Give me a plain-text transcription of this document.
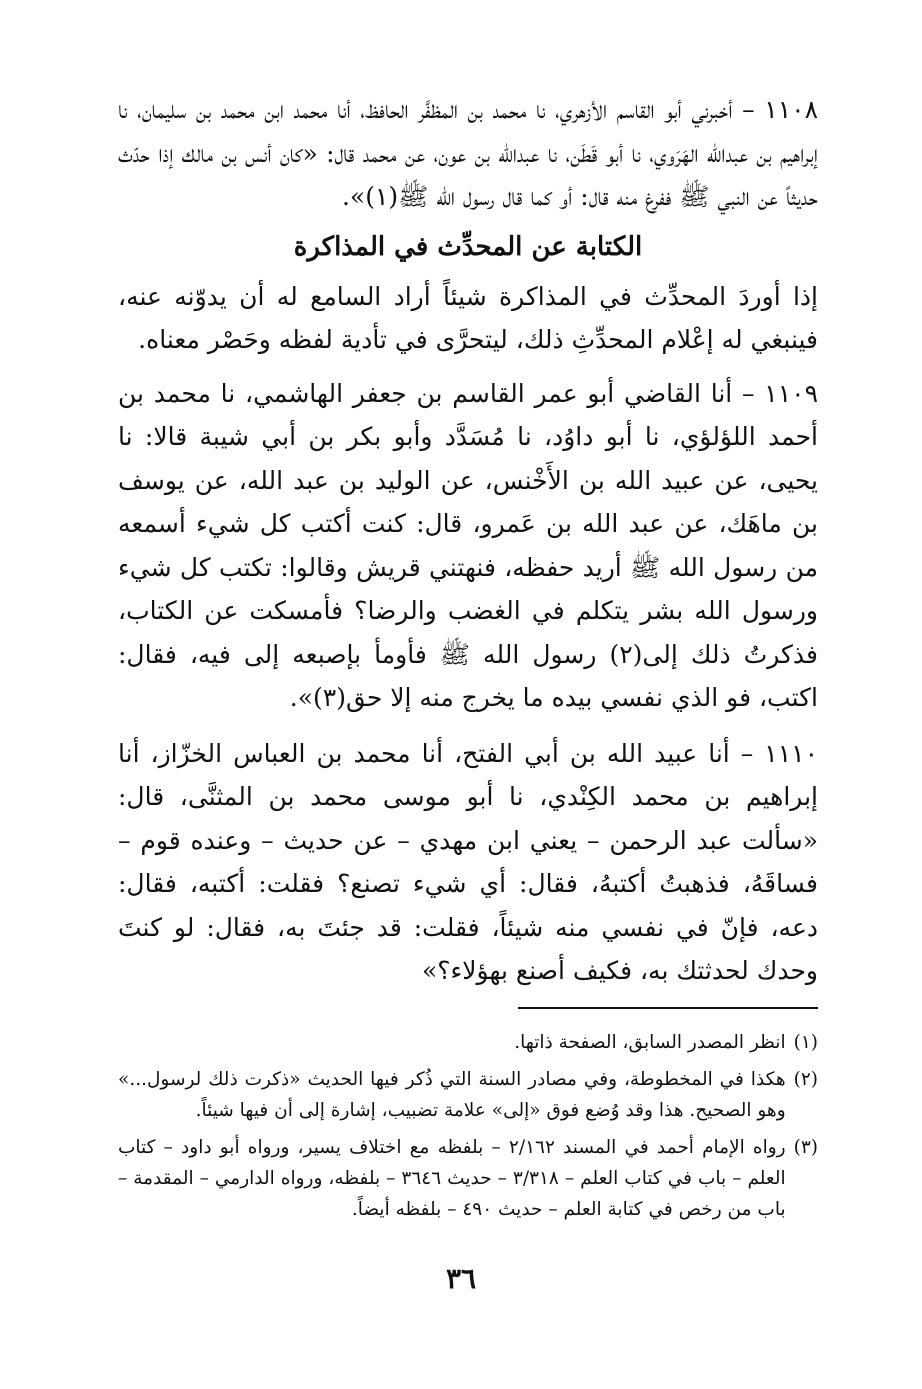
١١٠٨ – أخبرني أبو القاسم الأزهري، نا محمد بن المظفَّر الحافظ، أنا محمد ابن محمد بن سليمان، نا إبراهيم بن عبدالله الهَرَوي، نا أبو قَطَن، نا عبدالله بن عون، عن محمد قال: «كان أنس بن مالك إذا حدّث حديثاً عن النبي ﷺ ففرغ منه قال: أو كما قال رسول الله ﷺ(١)».

الكتابة عن المحدِّث في المذاكرة

إذا أوردَ المحدِّث في المذاكرة شيئاً أراد السامع له أن يدوّنه عنه، فينبغي له إعْلام المحدِّثِ ذلك، ليتحرَّى في تأدية لفظه وحَصْر معناه.

١١٠٩ – أنا القاضي أبو عمر القاسم بن جعفر الهاشمي، نا محمد بن أحمد اللؤلؤي، نا أبو داوُد، نا مُسَدَّد وأبو بكر بن أبي شيبة قالا: نا يحيى، عن عبيد الله بن الأَخْنس، عن الوليد بن عبد الله، عن يوسف بن ماهَك، عن عبد الله بن عَمرو، قال: كنت أكتب كل شيء أسمعه من رسول الله ﷺ أريد حفظه، فنهتني قريش وقالوا: تكتب كل شيء ورسول الله بشر يتكلم في الغضب والرضا؟ فأمسكت عن الكتاب، فذكرتُ ذلك إلى(٢) رسول الله ﷺ فأومأ بإصبعه إلى فيه، فقال: اكتب، فو الذي نفسي بيده ما يخرج منه إلا حق(٣)».

١١١٠ – أنا عبيد الله بن أبي الفتح، أنا محمد بن العباس الخزّاز، أنا إبراهيم بن محمد الكِنْدي، نا أبو موسى محمد بن المثنَّى، قال: «سألت عبد الرحمن – يعني ابن مهدي – عن حديث – وعنده قوم – فساقَهُ، فذهبتُ أكتبهُ، فقال: أي شيء تصنع؟ فقلت: أكتبه، فقال: دعه، فإنّ في نفسي منه شيئاً، فقلت: قد جئتَ به، فقال: لو كنتَ وحدك لحدثتك به، فكيف أصنع بهؤلاء؟»

(١)
انظر المصدر السابق، الصفحة ذاتها.
(٢)
هكذا في المخطوطة، وفي مصادر السنة التي ذُكر فيها الحديث «ذكرت ذلك لرسول...» وهو الصحيح. هذا وقد وُضع فوق «إلى» علامة تضبيب، إشارة إلى أن فيها شيئاً.
(٣)
رواه الإمام أحمد في المسند ٢/١٦٢ – بلفظه مع اختلاف يسير، ورواه أبو داود – كتاب العلم – باب في كتاب العلم – ٣/٣١٨ – حديث ٣٦٤٦ – بلفظه، ورواه الدارمي – المقدمة – باب من رخص في كتابة العلم – حديث ٤٩٠ – بلفظه أيضاً.
٣٦
